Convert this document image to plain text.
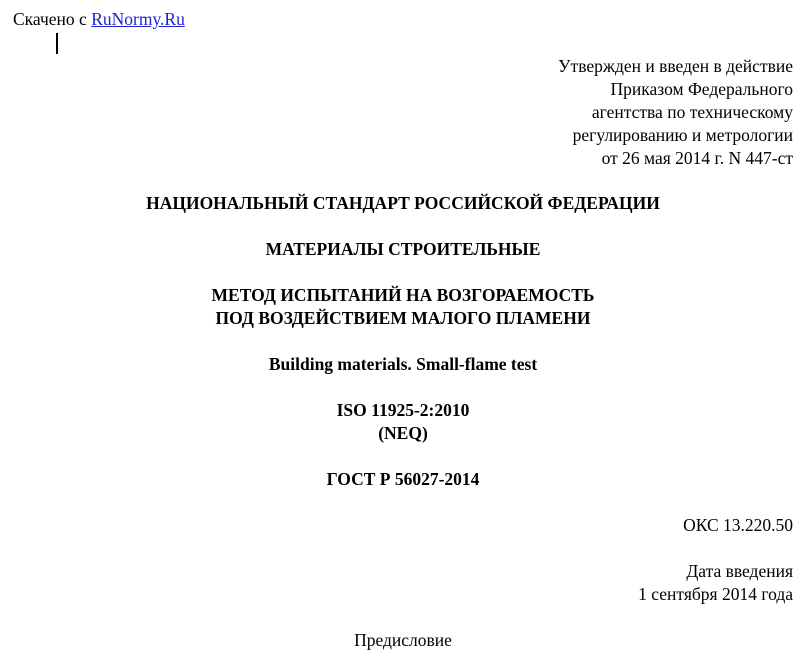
Скачено с RuNormy.Ru
Утвержден и введен в действие
Приказом Федерального
агентства по техническому
регулированию и метрологии
от 26 мая 2014 г. N 447-ст
НАЦИОНАЛЬНЫЙ СТАНДАРТ РОССИЙСКОЙ ФЕДЕРАЦИИ
МАТЕРИАЛЫ СТРОИТЕЛЬНЫЕ
МЕТОД ИСПЫТАНИЙ НА ВОЗГОРАЕМОСТЬ
ПОД ВОЗДЕЙСТВИЕМ МАЛОГО ПЛАМЕНИ
Building materials. Small-flame test
ISO 11925-2:2010
(NEQ)
ГОСТ Р 56027-2014
ОКС 13.220.50
Дата введения
1 сентября 2014 года
Предисловие
